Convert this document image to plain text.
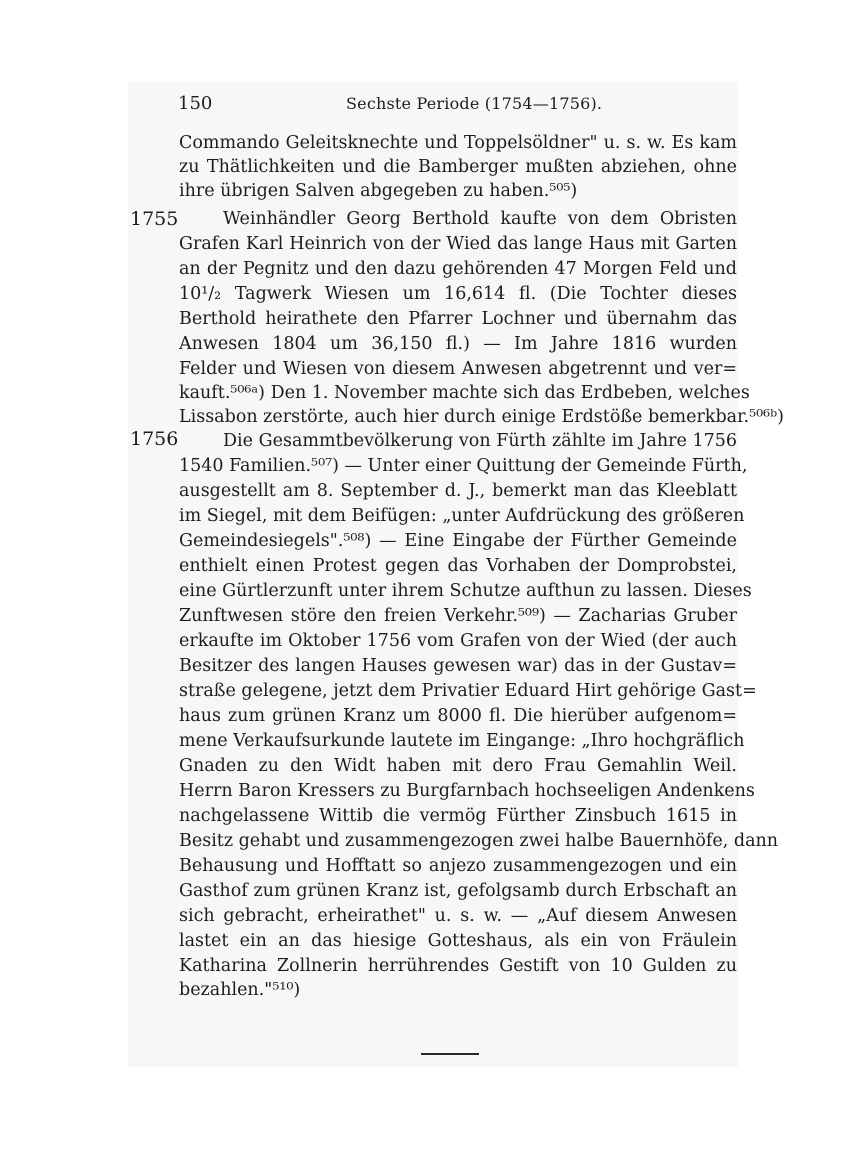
150	Sechste Periode (1754—1756).
1755
1756
Commando Geleitsknechte und Toppelsöldner" u. s. w. Es kam
zu Thätlichkeiten und die Bamberger mußten abziehen, ohne
ihre übrigen Salven abgegeben zu haben.⁵⁰⁵)
Weinhändler Georg Berthold kaufte von dem Obristen
Grafen Karl Heinrich von der Wied das lange Haus mit Garten
an der Pegnitz und den dazu gehörenden 47 Morgen Feld und
10¹/₂ Tagwerk Wiesen um 16,614 fl. (Die Tochter dieses
Berthold heirathete den Pfarrer Lochner und übernahm das
Anwesen 1804 um 36,150 fl.) — Im Jahre 1816 wurden
Felder und Wiesen von diesem Anwesen abgetrennt und ver=
kauft.⁵⁰⁶ᵃ) Den 1. November machte sich das Erdbeben, welches
Lissabon zerstörte, auch hier durch einige Erdstöße bemerkbar.⁵⁰⁶ᵇ)
Die Gesammtbevölkerung von Fürth zählte im Jahre 1756
1540 Familien.⁵⁰⁷) — Unter einer Quittung der Gemeinde Fürth,
ausgestellt am 8. September d. J., bemerkt man das Kleeblatt
im Siegel, mit dem Beifügen: „unter Aufdrückung des größeren
Gemeindesiegels".⁵⁰⁸) — Eine Eingabe der Fürther Gemeinde
enthielt einen Protest gegen das Vorhaben der Domprobstei,
eine Gürtlerzunft unter ihrem Schutze aufthun zu lassen. Dieses
Zunftwesen störe den freien Verkehr.⁵⁰⁹) — Zacharias Gruber
erkaufte im Oktober 1756 vom Grafen von der Wied (der auch
Besitzer des langen Hauses gewesen war) das in der Gustav=
straße gelegene, jetzt dem Privatier Eduard Hirt gehörige Gast=
haus zum grünen Kranz um 8000 fl. Die hierüber aufgenom=
mene Verkaufsurkunde lautete im Eingange: „Ihro hochgräflich
Gnaden zu den Widt haben mit dero Frau Gemahlin Weil.
Herrn Baron Kressers zu Burgfarnbach hochseeligen Andenkens
nachgelassene Wittib die vermög Fürther Zinsbuch 1615 in
Besitz gehabt und zusammengezogen zwei halbe Bauernhöfe, dann
Behausung und Hofftatt so anjezo zusammengezogen und ein
Gasthof zum grünen Kranz ist, gefolgsamb durch Erbschaft an
sich gebracht, erheirathet" u. s. w. — „Auf diesem Anwesen
lastet ein an das hiesige Gotteshaus, als ein von Fräulein
Katharina Zollnerin herrührendes Gestift von 10 Gulden zu
bezahlen."⁵¹⁰)
